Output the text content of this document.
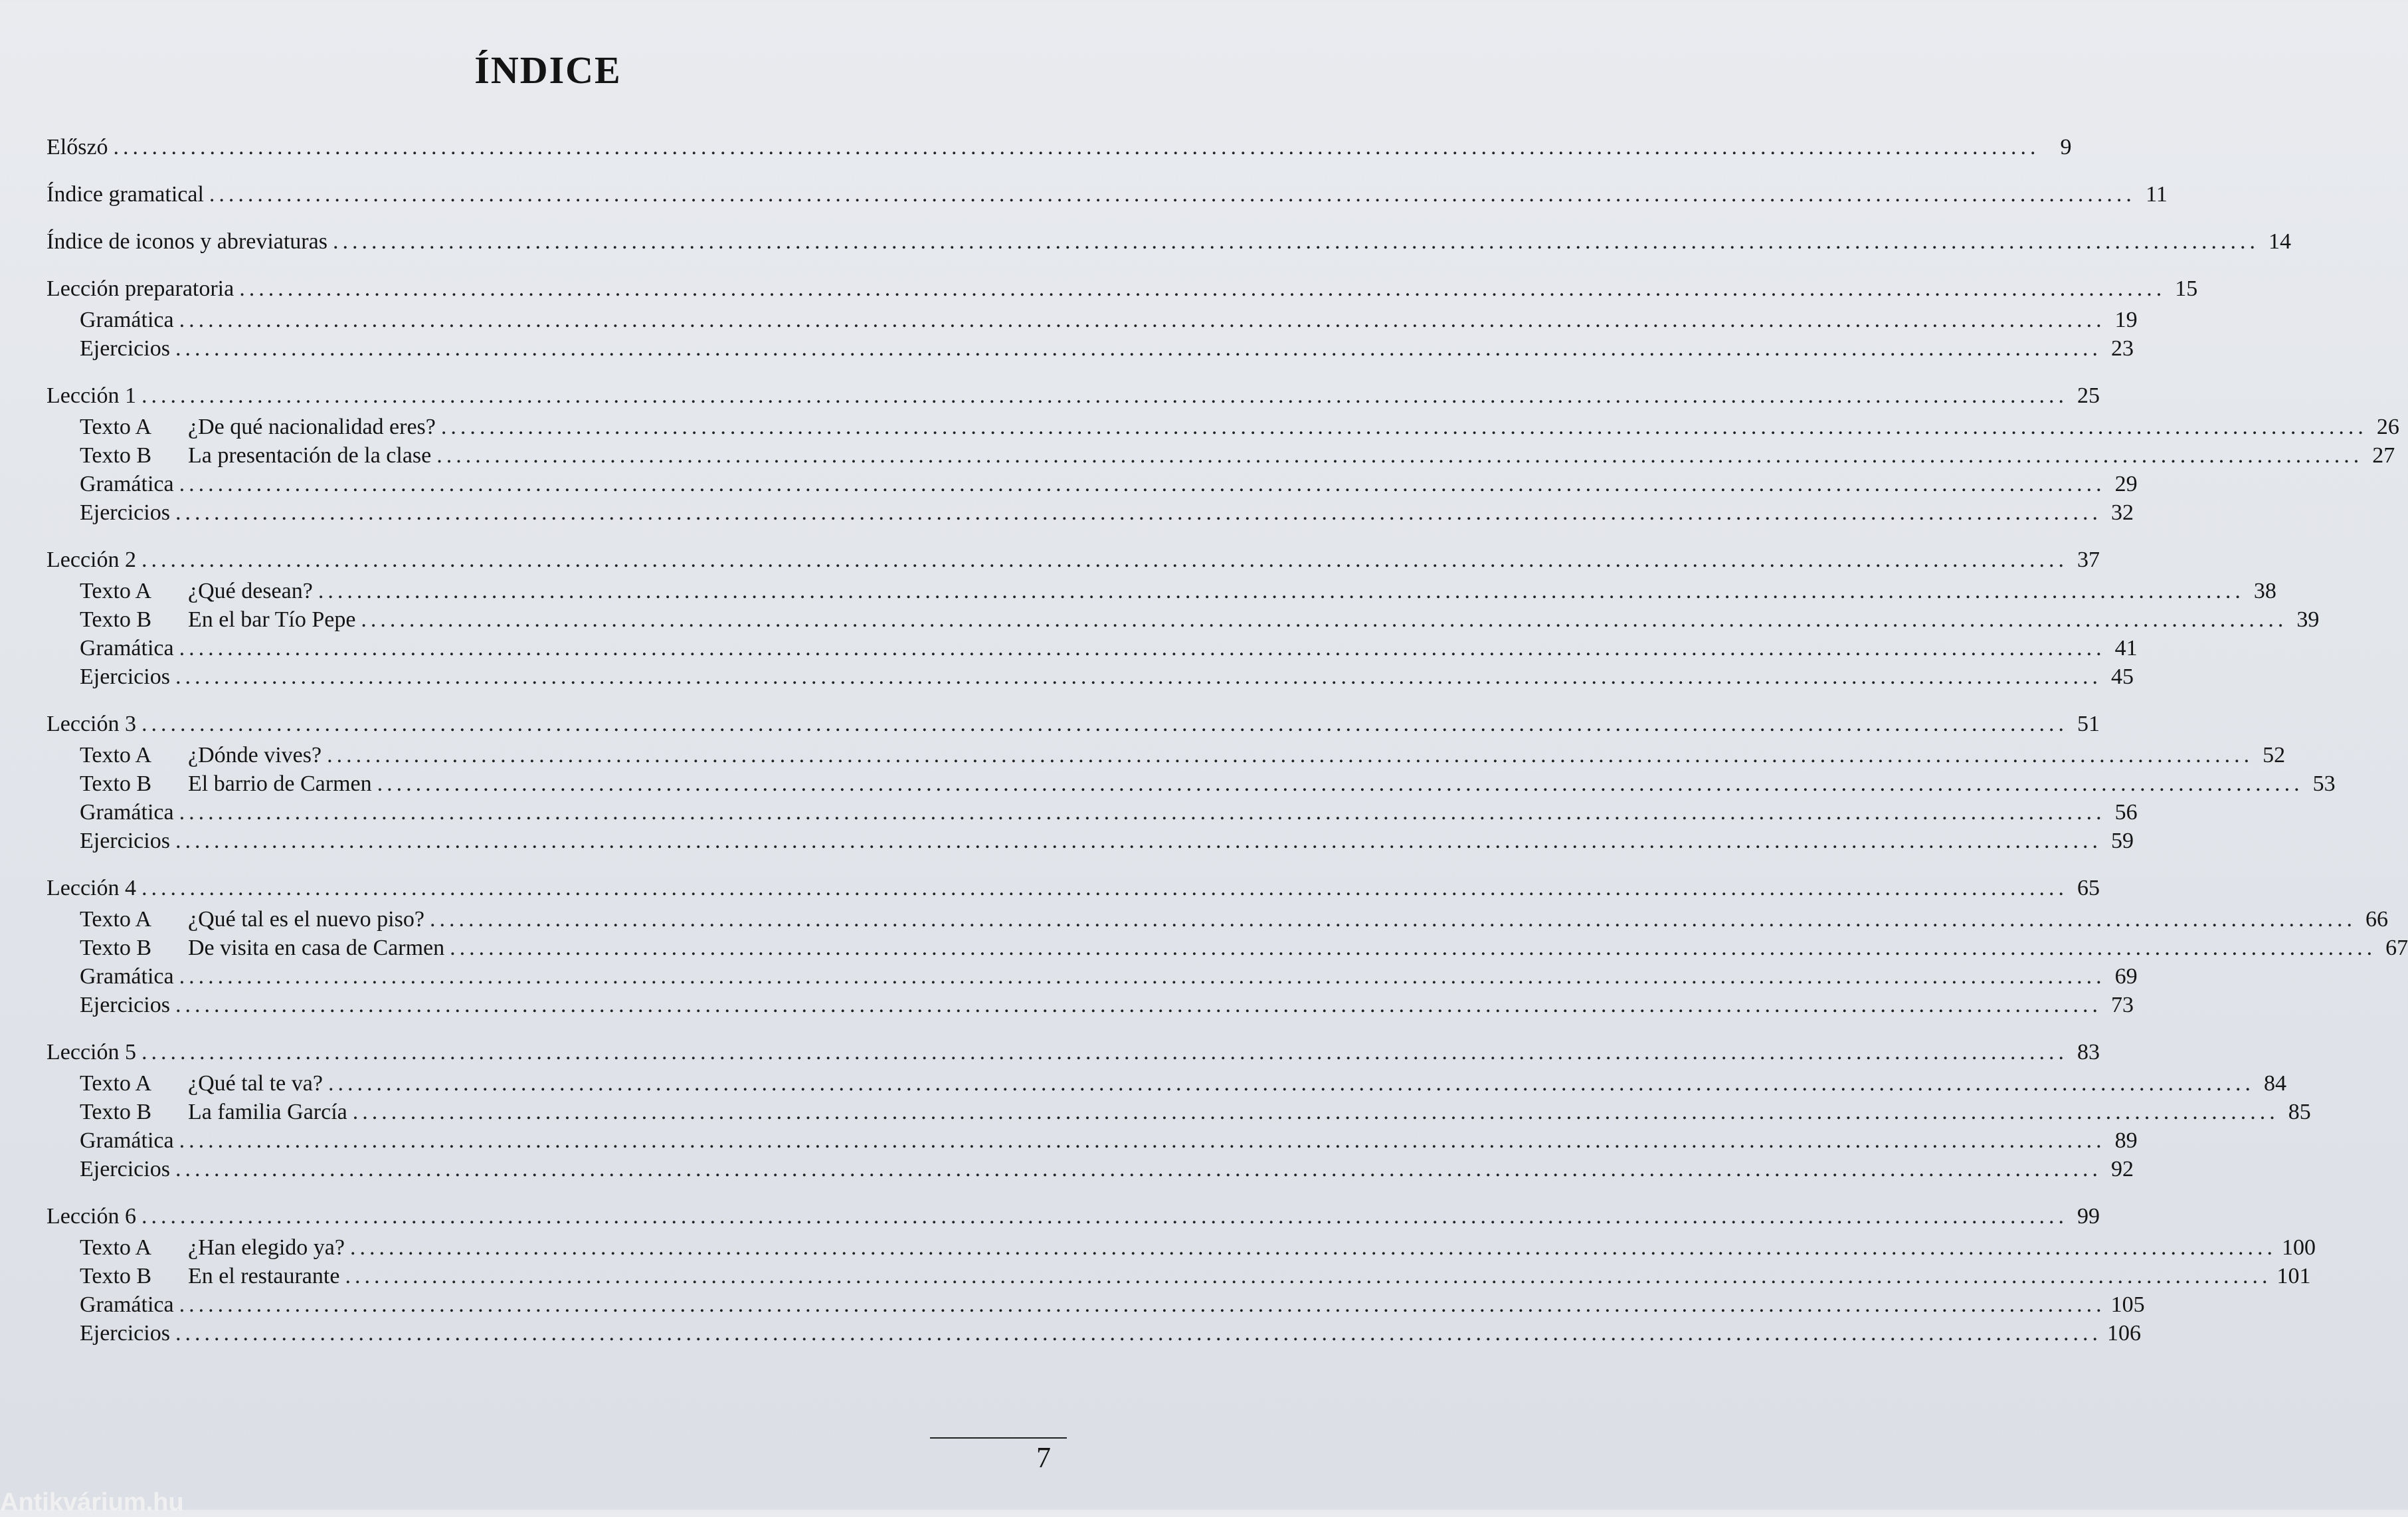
ÍNDICE
Előszó ........................................................................................................................................................................................................ 9
Índice gramatical ........................................................................................................................................................................................................ 11
Índice de iconos y abreviaturas ........................................................................................................................................................................................................ 14
Lección preparatoria ........................................................................................................................................................................................................ 15
Gramática ........................................................................................................................................................................................................ 19
Ejercicios ........................................................................................................................................................................................................ 23
Lección 1 ........................................................................................................................................................................................................ 25
Texto A ¿De qué nacionalidad eres? ........................................................................................................................................................................................................ 26
Texto B La presentación de la clase ........................................................................................................................................................................................................ 27
Gramática ........................................................................................................................................................................................................ 29
Ejercicios ........................................................................................................................................................................................................ 32
Lección 2 ........................................................................................................................................................................................................ 37
Texto A ¿Qué desean? ........................................................................................................................................................................................................ 38
Texto B En el bar Tío Pepe ........................................................................................................................................................................................................ 39
Gramática ........................................................................................................................................................................................................ 41
Ejercicios ........................................................................................................................................................................................................ 45
Lección 3 ........................................................................................................................................................................................................ 51
Texto A ¿Dónde vives? ........................................................................................................................................................................................................ 52
Texto B El barrio de Carmen ........................................................................................................................................................................................................ 53
Gramática ........................................................................................................................................................................................................ 56
Ejercicios ........................................................................................................................................................................................................ 59
Lección 4 ........................................................................................................................................................................................................ 65
Texto A ¿Qué tal es el nuevo piso? ........................................................................................................................................................................................................ 66
Texto B De visita en casa de Carmen ........................................................................................................................................................................................................ 67
Gramática ........................................................................................................................................................................................................ 69
Ejercicios ........................................................................................................................................................................................................ 73
Lección 5 ........................................................................................................................................................................................................ 83
Texto A ¿Qué tal te va? ........................................................................................................................................................................................................ 84
Texto B La familia García ........................................................................................................................................................................................................ 85
Gramática ........................................................................................................................................................................................................ 89
Ejercicios ........................................................................................................................................................................................................ 92
Lección 6 ........................................................................................................................................................................................................ 99
Texto A ¿Han elegido ya? ........................................................................................................................................................................................................ 100
Texto B En el restaurante ........................................................................................................................................................................................................ 101
Gramática ........................................................................................................................................................................................................ 105
Ejercicios ........................................................................................................................................................................................................ 106
7
Antikvárium.hu
